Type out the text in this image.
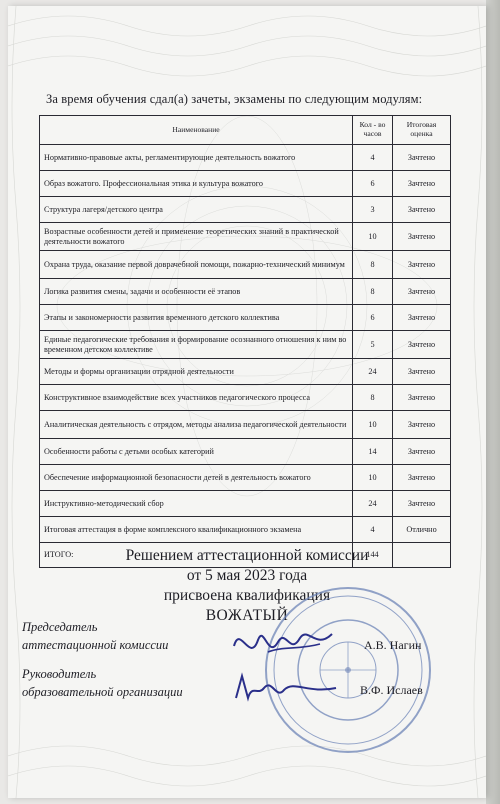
За время обучения сдал(а) зачеты, экзамены по следующим модулям:
Наименование	Кол - во часов	Итоговая оценка
Нормативно-правовые акты, регламентирующие деятельность вожатого	4	Зачтено
Образ вожатого. Профессиональная этика и культура вожатого	6	Зачтено
Структура лагеря/детского центра	3	Зачтено
Возрастные особенности детей и применение теоретических знаний в практической деятельности вожатого	10	Зачтено
Охрана труда, оказание первой доврачебной помощи, пожарно-технический минимум	8	Зачтено
Логика развития смены, задачи и особенности её этапов	8	Зачтено
Этапы и закономерности развития временного детского коллектива	6	Зачтено
Единые педагогические требования и формирование осознанного отношения к ним во временном детском коллективе	5	Зачтено
Методы и формы организации отрядной деятельности	24	Зачтено
Конструктивное взаимодействие всех участников педагогического процесса	8	Зачтено
Аналитическая деятельность с отрядом, методы анализа педагогической деятельности	10	Зачтено
Особенности работы с детьми особых категорий	14	Зачтено
Обеспечение информационной безопасности детей в деятельность вожатого	10	Зачтено
Инструктивно-методический сбор	24	Зачтено
Итоговая аттестация в форме комплексного квалификационного экзамена	4	Отлично
ИТОГО:	144	
Решением аттестационной комиссии
от 5 мая 2023 года
присвоена квалификация
ВОЖАТЫЙ
Председатель
аттестационной комиссии	А.В. Нагин
Руководитель
образовательной организации	В.Ф. Ислаев
